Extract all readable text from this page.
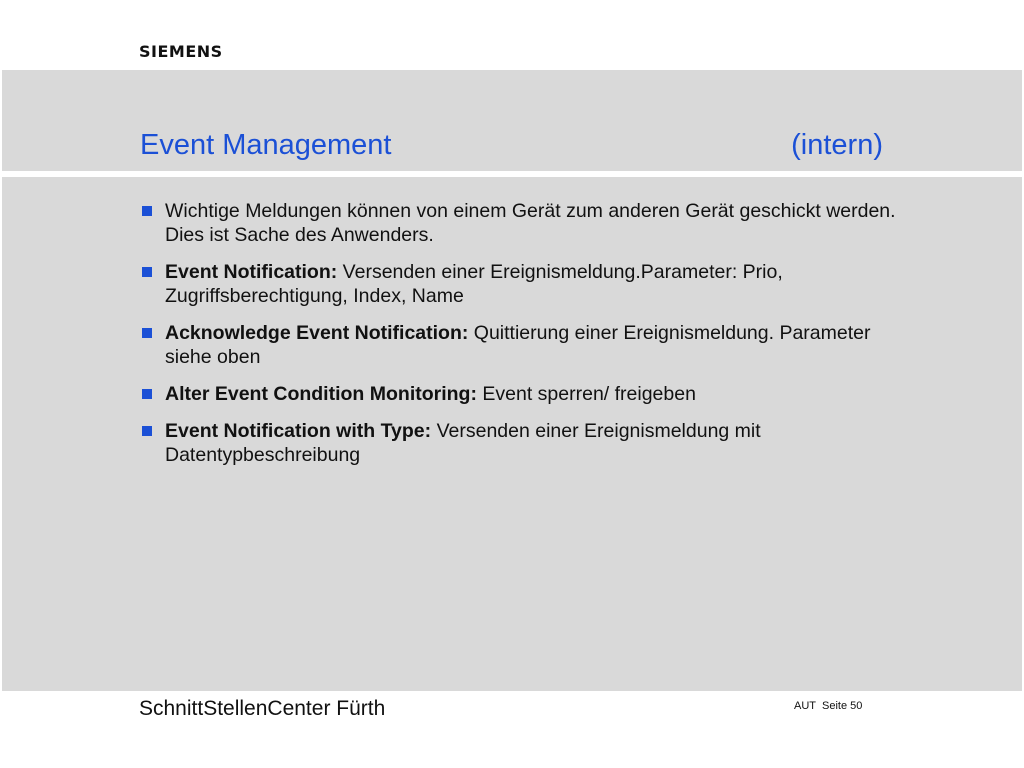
SIEMENS
Event Management	(intern)
Wichtige Meldungen können von einem Gerät zum anderen Gerät geschickt werden. Dies ist Sache des Anwenders.
Event Notification: Versenden einer Ereignismeldung.Parameter: Prio, Zugriffsberechtigung, Index, Name
Acknowledge Event Notification: Quittierung einer Ereignismeldung. Parameter siehe oben
Alter Event Condition Monitoring: Event sperren/ freigeben
Event Notification with Type: Versenden einer Ereignismeldung mit Datentypbeschreibung
SchnittStellenCenter Fürth	AUT Seite 50
